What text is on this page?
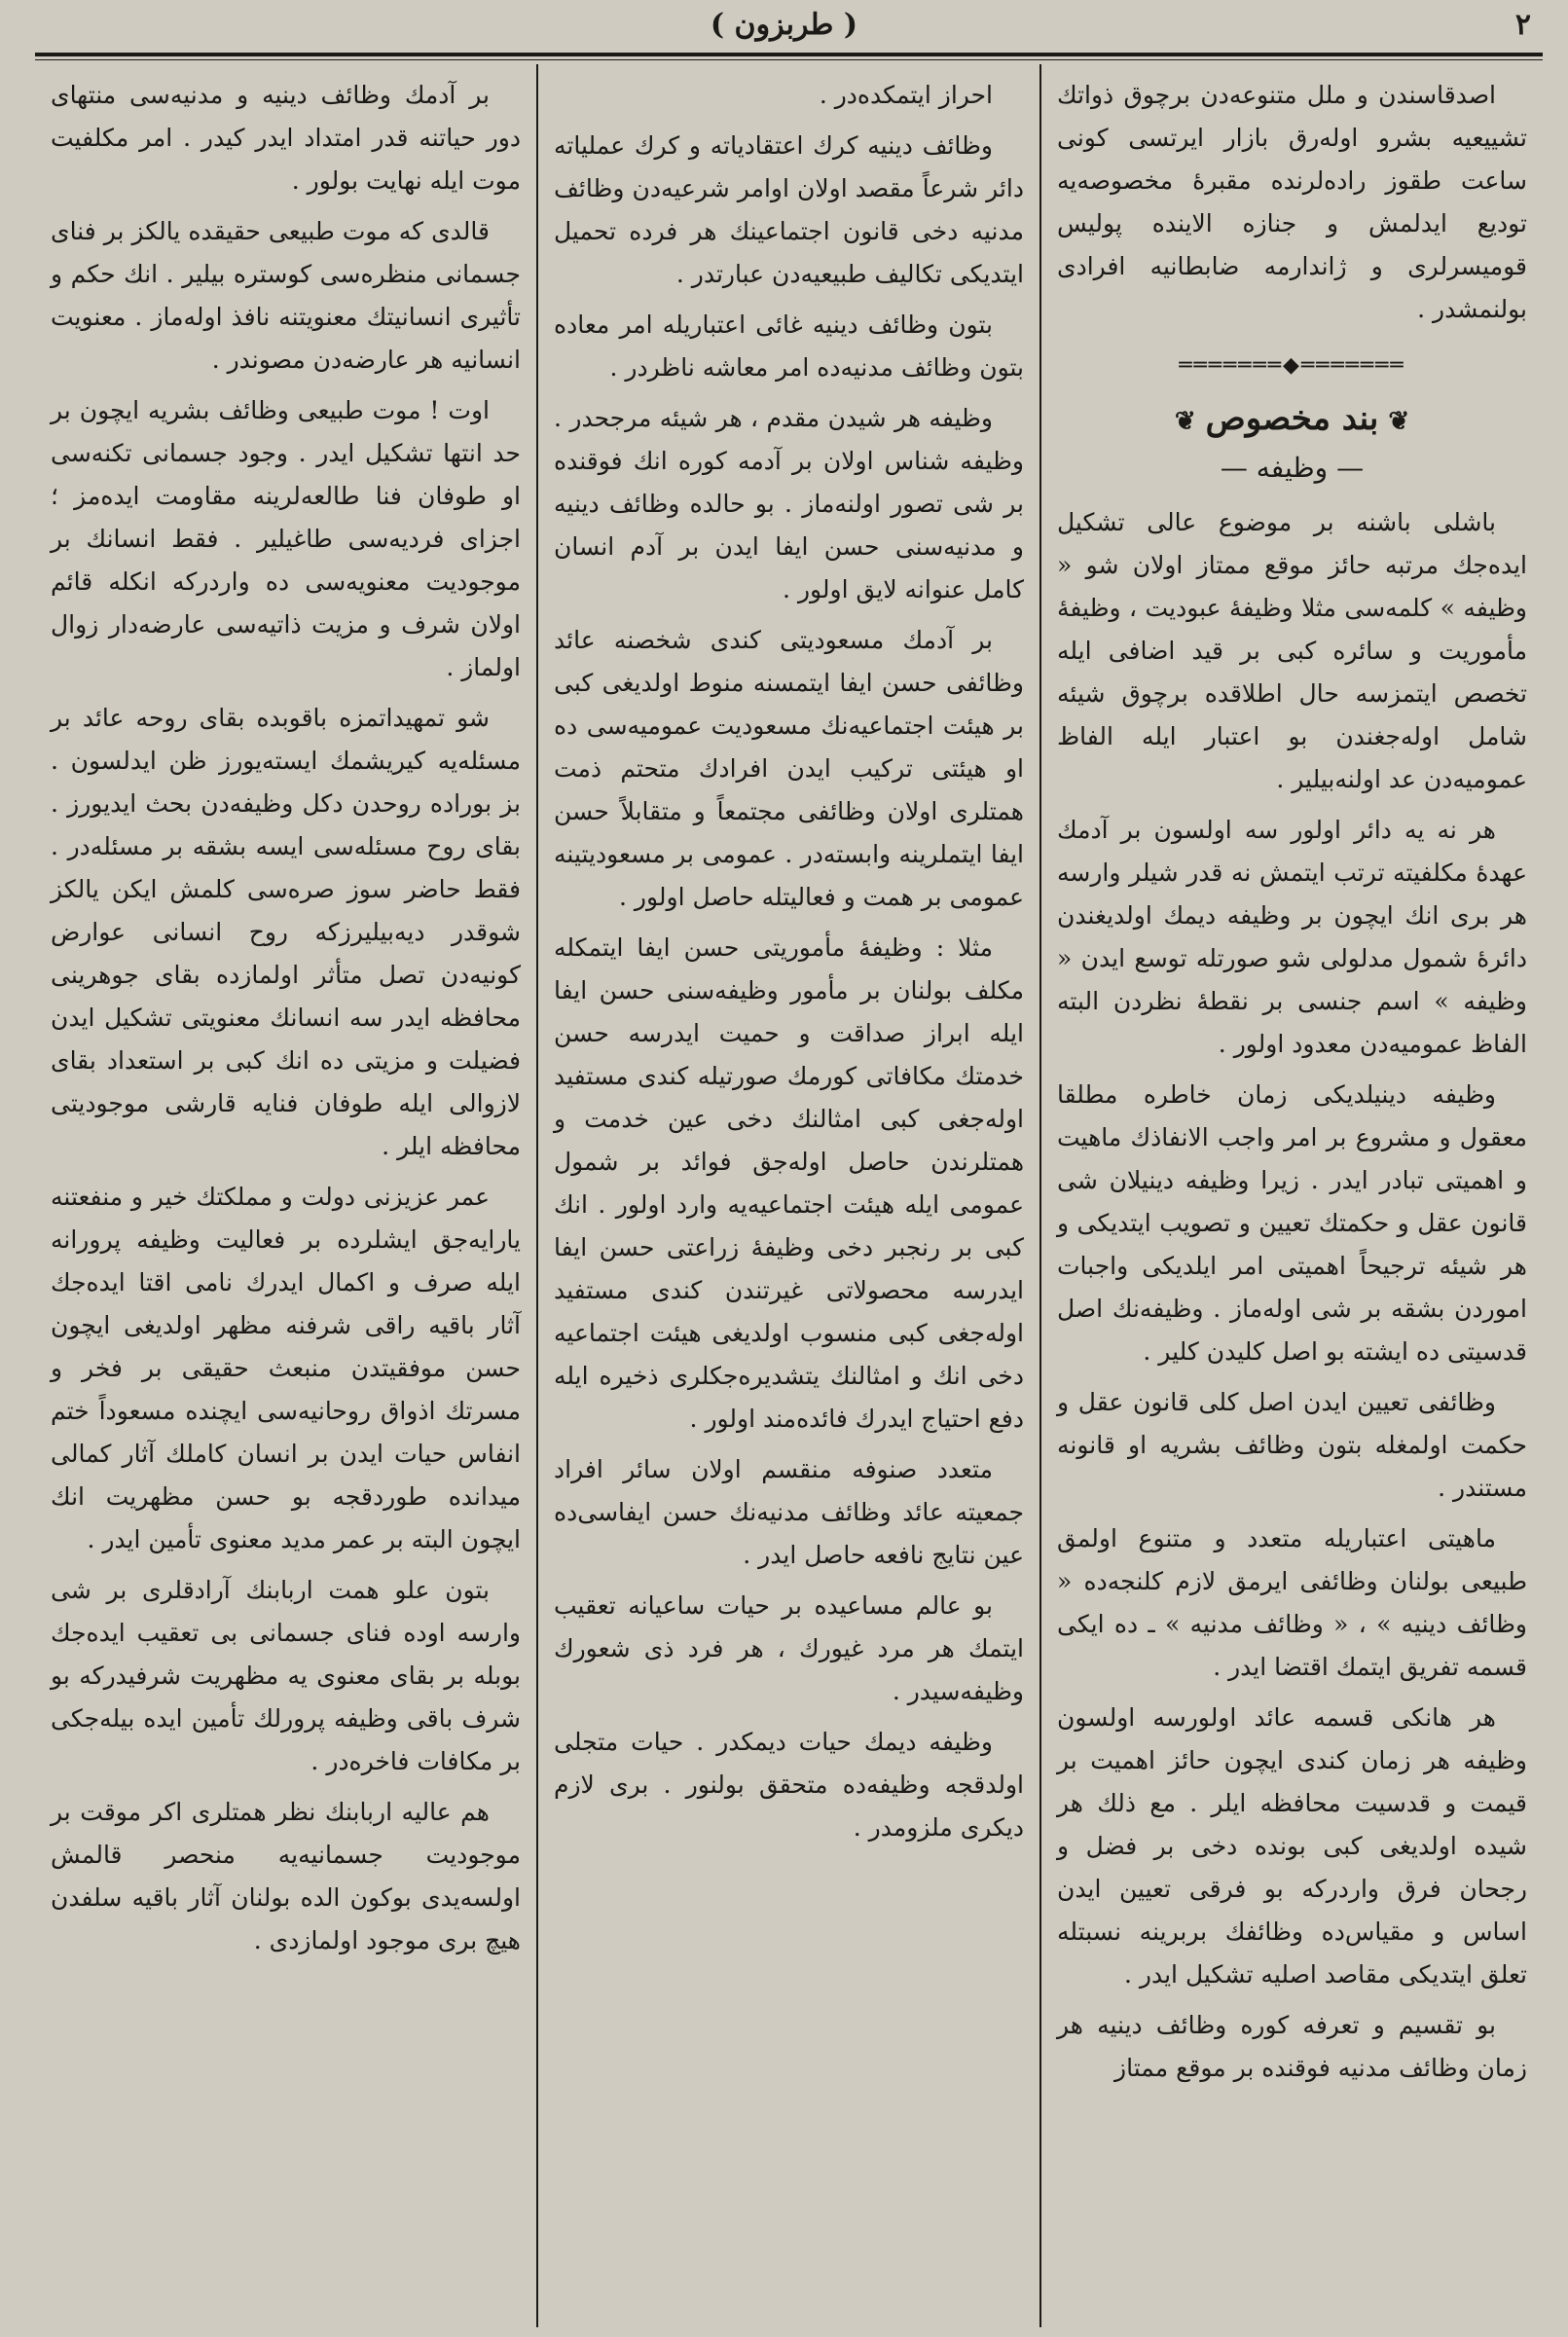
٢
( طربزون )

اصدقاسندن و ملل متنوعه‌دن برچوق ذواتك تشییعیه بشرو اولەرق بازار ایرتسی کونی ساعت طقوز راده‌لرنده مقبرهٔ مخصوصه‌یه تودیع ایدلمش و جنازه الاینده پولیس قومیسرلری و ژاندارمه ضابطانیه افرادی بولنمشدر .

═══════◆═══════
❦بند مخصوص❦
— وظیفه —

باشلی باشنه بر موضوع عالی تشکیل ایده‌جك مرتبه حائز موقع ممتاز اولان شو « وظیفه » کلمه‌سی مثلا وظیفهٔ عبودیت ، وظیفهٔ مأموریت و سائره کبی بر قید اضافی ایله تخصص ایتمزسه حال اطلاقده برچوق شیئه شامل اوله‌جغندن بو اعتبار ایله الفاظ عمومیه‌دن عد اولنه‌بیلیر .

هر نه یه دائر اولور سه اولسون بر آدمك عهدهٔ مکلفیته ترتب ایتمش نه قدر شیلر وارسه هر بری انك ایچون بر وظیفه دیمك اولدیغندن دائرهٔ شمول مدلولی شو صورتله توسع ایدن « وظیفه » اسم جنسی بر نقطهٔ نظردن البته الفاظ عمومیه‌دن معدود اولور .

وظیفه دینیلدیکی زمان خاطره مطلقا معقول و مشروع بر امر واجب الانفاذك ماهیت و اهمیتی تبادر ایدر . زیرا وظیفه دینیلان شی قانون عقل و حکمتك تعیین و تصویب ایتدیکی و هر شیئه ترجیحاً اهمیتی امر ایلدیکی واجبات اموردن بشقه بر شی اوله‌ماز . وظیفه‌نك اصل قدسیتی ده ایشته بو اصل کلیدن کلیر .

وظائفی تعیین ایدن اصل کلی قانون عقل و حکمت اولمغله بتون وظائف بشریه او قانونه مستندر .

ماهیتی اعتباریله متعدد و متنوع اولمق طبیعی بولنان وظائفی ایرمق لازم کلنجه‌ده « وظائف دینیه » ، « وظائف مدنیه » ـ ده ایکی قسمه تفریق ایتمك اقتضا ایدر .

هر هانکی قسمه عائد اولورسه اولسون وظیفه هر زمان کندی ایچون حائز اهمیت بر قیمت و قدسیت محافظه ایلر . مع ذلك هر شیده اولدیغی کبی بونده دخی بر فضل و رجحان فرق واردرکه بو فرقی تعیین ایدن اساس و مقیاس‌ده وظائفك بربرینه نسبتله تعلق ایتدیکی مقاصد اصلیه تشکیل ایدر .

بو تقسیم و تعرفه کوره وظائف دینیه هر زمان وظائف مدنیه فوقنده بر موقع ممتاز

احراز ایتمکده‌در .

وظائف دینیه کرك اعتقادیاته و کرك عملیاته دائر شرعاً مقصد اولان اوامر شرعیه‌دن وظائف مدنیه دخی قانون اجتماعینك هر فرده تحمیل ایتدیکی تکالیف طبیعیه‌دن عبارتدر .

بتون وظائف دینیه غائی اعتباریله امر معاده بتون وظائف مدنیه‌ده امر معاشه ناظردر .

وظیفه هر شیدن مقدم ، هر شیئه مرجحدر . وظیفه شناس اولان بر آدمه کوره انك فوقنده بر شی تصور اولنه‌ماز . بو حالده وظائف دینیه و مدنیه‌سنی حسن ایفا ایدن بر آدم انسان کامل عنوانه لایق اولور .

بر آدمك مسعودیتی کندی شخصنه عائد وظائفی حسن ایفا ایتمسنه منوط اولدیغی کبی بر هیئت اجتماعیه‌نك مسعودیت عمومیه‌سی ده او هیئتی ترکیب ایدن افرادك متحتم ذمت همتلری اولان وظائفی مجتمعاً و متقابلاً حسن ایفا ایتملرینه وابسته‌در . عمومی بر مسعودیتینه عمومی بر همت و فعالیتله حاصل اولور .

مثلا : وظیفهٔ مأموریتی حسن ایفا ایتمکله مکلف بولنان بر مأمور وظیفه‌سنی حسن ایفا ایله ابراز صداقت و حمیت ایدرسه حسن خدمتك مکافاتی کورمك صورتیله کندی مستفید اوله‌جغی کبی امثالنك دخی عین خدمت و همتلرندن حاصل اوله‌جق فوائد بر شمول عمومی ایله هیئت اجتماعیه‌یه وارد اولور . انك کبی بر رنجبر دخی وظیفهٔ زراعتی حسن ایفا ایدرسه محصولاتی غیرتندن کندی مستفید اوله‌جغی کبی منسوب اولدیغی هیئت اجتماعیه دخی انك و امثالنك یتشدیره‌جکلری ذخیره ایله دفع احتیاج ایدرك فائده‌مند اولور .

متعدد صنوفه منقسم اولان سائر افراد جمعیته عائد وظائف مدنیه‌نك حسن ایفاسی‌ده عین نتایج نافعه حاصل ایدر .

بو عالم مساعیده بر حیات ساعیانه تعقیب ایتمك هر مرد غیورك ، هر فرد ذی شعورك وظیفه‌سیدر .

وظیفه دیمك حیات دیمکدر . حیات متجلی اولدقجه وظیفه‌ده متحقق بولنور . بری لازم دیکری ملزومدر .

بر آدمك وظائف دینیه و مدنیه‌سی منتهای دور حیاتنه قدر امتداد ایدر کیدر . امر مکلفیت موت ایله نهایت بولور .

قالدی که موت طبیعی حقیقده یالکز بر فنای جسمانی منظره‌سی کوستره بیلیر . انك حکم و تأثیری انسانیتك معنویتنه نافذ اوله‌ماز . معنویت انسانیه هر عارضه‌دن مصوندر .

اوت ! موت طبیعی وظائف بشریه ایچون بر حد انتها تشکیل ایدر . وجود جسمانی تکنه‌سی او طوفان فنا طالعه‌لرینه مقاومت ایده‌مز ؛ اجزای فردیه‌سی طاغیلیر . فقط انسانك بر موجودیت معنویه‌سی ده واردرکه انکله قائم اولان شرف و مزیت ذاتیه‌سی عارضه‌دار زوال اولماز .

شو تمهیداتمزه باقوبده بقای روحه عائد بر مسئله‌یه کیریشمك ایسته‌یورز ظن ایدلسون . بز بوراده روحدن دکل وظیفه‌دن بحث ایدیورز . بقای روح مسئله‌سی ایسه بشقه بر مسئله‌در . فقط حاضر سوز صره‌سی کلمش ایکن یالکز شوقدر دیه‌بیلیرزکه روح انسانی عوارض کونیه‌دن تصل متأثر اولمازده بقای جوهرینی محافظه ایدر سه انسانك معنویتی تشکیل ایدن فضیلت و مزیتی ده انك کبی بر استعداد بقای لازوالی ایله طوفان فنایه قارشی موجودیتی محافظه ایلر .

عمر عزیزنی دولت و مملکتك خیر و منفعتنه یارایه‌جق ایشلرده بر فعالیت وظیفه پرورانه ایله صرف و اکمال ایدرك نامی اقتا ایده‌جك آثار باقیه راقی شرفنه مظهر اولدیغی ایچون حسن موفقیتدن منبعث حقیقی بر فخر و مسرتك اذواق روحانیه‌سی ایچنده مسعوداً ختم انفاس حیات ایدن بر انسان کاملك آثار کمالی میدانده طوردقجه بو حسن مظهریت انك ایچون البته بر عمر مدید معنوی تأمین ایدر .

بتون علو همت اربابنك آرادقلری بر شی وارسه اوده فنای جسمانی بی تعقیب ایده‌جك بوبله بر بقای معنوی یه مظهریت شرفیدرکه بو شرف باقی وظیفه پرورلك تأمین ایده بیله‌جکی بر مکافات فاخره‌در .

هم عالیه اربابنك نظر همتلری اکر موقت بر موجودیت جسمانیه‌یه منحصر قالمش اولسه‌یدی بوکون الده بولنان آثار باقیه سلفدن هیچ بری موجود اولمازدی .
